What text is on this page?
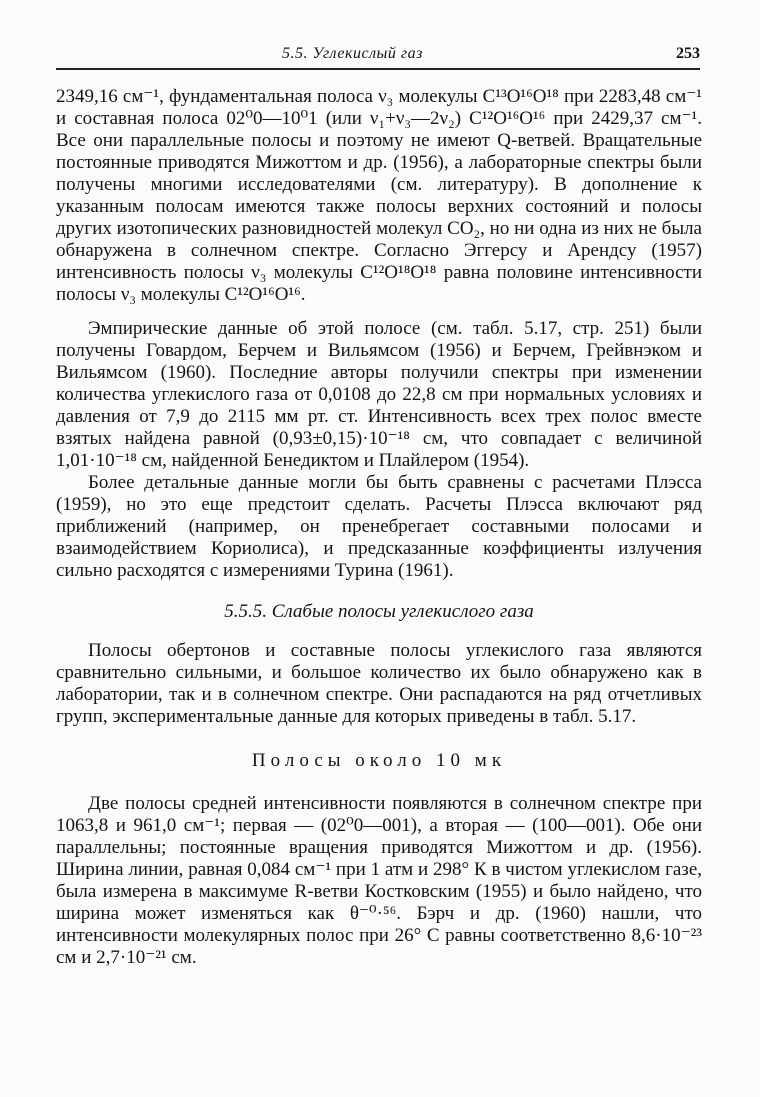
5.5. Углекислый газ	253

2349,16 см⁻¹, фундаментальная полоса ν₃ молекулы C¹³O¹⁶O¹⁸ при 2283,48 см⁻¹ и составная полоса 02⁰0—10⁰1 (или ν₁+ν₃—2ν₂) C¹²O¹⁶O¹⁶ при 2429,37 см⁻¹. Все они параллельные полосы и поэтому не имеют Q-ветвей. Вращательные постоянные приводятся Мижоттом и др. (1956), а лабораторные спектры были получены многими исследователями (см. литературу). В дополнение к указанным полосам имеются также полосы верхних состояний и полосы других изотопических разновидностей молекул CO₂, но ни одна из них не была обнаружена в солнечном спектре. Согласно Эггерсу и Арендсу (1957) интенсивность полосы ν₃ молекулы C¹²O¹⁸O¹⁸ равна половине интенсивности полосы ν₃ молекулы C¹²O¹⁶O¹⁶.

Эмпирические данные об этой полосе (см. табл. 5.17, стр. 251) были получены Говардом, Берчем и Вильямсом (1956) и Берчем, Грейвнэком и Вильямсом (1960). Последние авторы получили спектры при изменении количества углекислого газа от 0,0108 до 22,8 см при нормальных условиях и давления от 7,9 до 2115 мм рт. ст. Интенсивность всех трех полос вместе взятых найдена равной (0,93±0,15)·10⁻¹⁸ см, что совпадает с величиной 1,01·10⁻¹⁸ см, найденной Бенедиктом и Плайлером (1954).

Более детальные данные могли бы быть сравнены с расчетами Плэсса (1959), но это еще предстоит сделать. Расчеты Плэсса включают ряд приближений (например, он пренебрегает составными полосами и взаимодействием Кориолиса), и предсказанные коэффициенты излучения сильно расходятся с измерениями Турина (1961).

5.5.5. Слабые полосы углекислого газа

Полосы обертонов и составные полосы углекислого газа являются сравнительно сильными, и большое количество их было обнаружено как в лаборатории, так и в солнечном спектре. Они распадаются на ряд отчетливых групп, экспериментальные данные для которых приведены в табл. 5.17.

Полосы около 10 мк

Две полосы средней интенсивности появляются в солнечном спектре при 1063,8 и 961,0 см⁻¹; первая — (02⁰0—001), а вторая — (100—001). Обе они параллельны; постоянные вращения приводятся Мижоттом и др. (1956). Ширина линии, равная 0,084 см⁻¹ при 1 атм и 298° К в чистом углекислом газе, была измерена в максимуме R-ветви Костковским (1955) и было найдено, что ширина может изменяться как θ⁻⁰·⁵⁶. Бэрч и др. (1960) нашли, что интенсивности молекулярных полос при 26° С равны соответственно 8,6·10⁻²³ см и 2,7·10⁻²¹ см.
